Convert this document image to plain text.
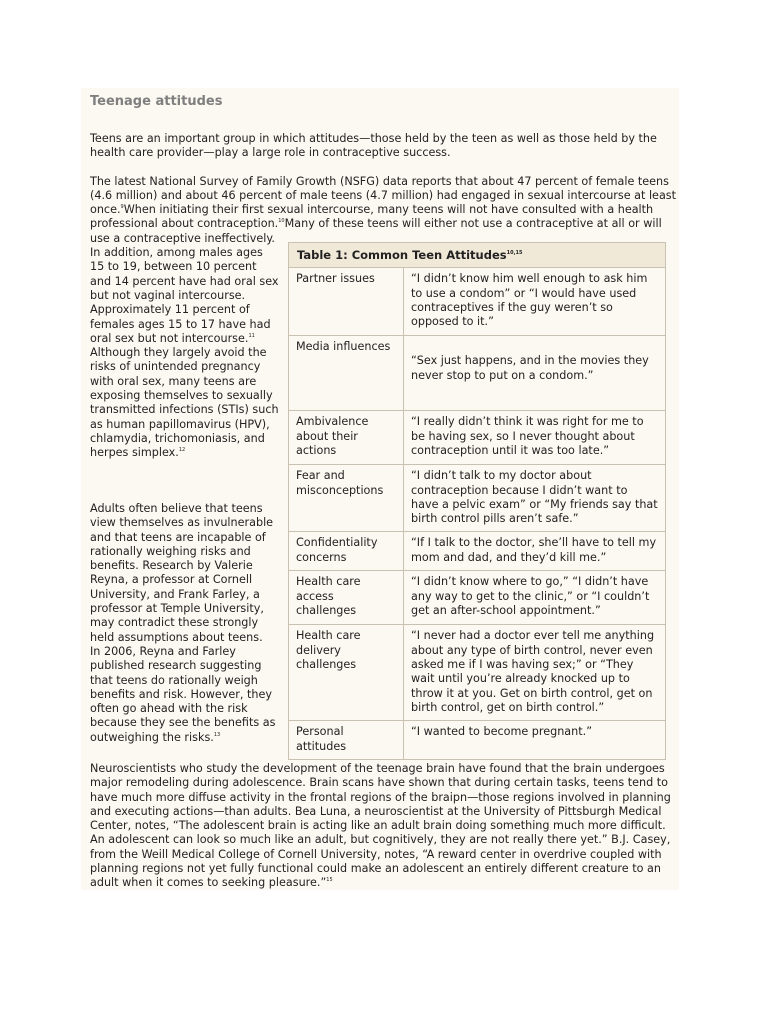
Teenage attitudes

Teens are an important group in which attitudes—those held by the teen as well as those held by the health care provider—play a large role in contraceptive success.

The latest National Survey of Family Growth (NSFG) data reports that about 47 percent of female teens (4.6 million) and about 46 percent of male teens (4.7 million) had engaged in sexual intercourse at least once.$^9$When initiating their first sexual intercourse, many teens will not have consulted with a health professional about contraception.$^{10}$Many of these teens will either not use a contraceptive at all or will use a contraceptive ineffectively. In addition, among males ages 15 to 19, between 10 percent and 14 percent have had oral sex but not vaginal intercourse. Approximately 11 percent of females ages 15 to 17 have had oral sex but not intercourse.$^{11}$ Although they largely avoid the risks of unintended pregnancy with oral sex, many teens are exposing themselves to sexually transmitted infections (STIs) such as human papillomavirus (HPV), chlamydia, trichomoniasis, and herpes simplex.$^{12}$

Table 1: Common Teen Attitudes$^{10,15}$
Partner issues	“I didn’t know him well enough to ask him to use a condom” or “I would have used contraceptives if the guy weren’t so opposed to it.”
Media influences	“Sex just happens, and in the movies they never stop to put on a condom.”
Ambivalence about their actions	“I really didn’t think it was right for me to be having sex, so I never thought about contraception until it was too late.”
Fear and misconceptions	“I didn’t talk to my doctor about contraception because I didn’t want to have a pelvic exam” or “My friends say that birth control pills aren’t safe.”
Confidentiality concerns	“If I talk to the doctor, she’ll have to tell my mom and dad, and they’d kill me.”
Health care access challenges	“I didn’t know where to go,” “I didn’t have any way to get to the clinic,” or “I couldn’t get an after-school appointment.”
Health care delivery challenges	“I never had a doctor ever tell me anything about any type of birth control, never even asked me if I was having sex;” or “They wait until you’re already knocked up to throw it at you. Get on birth control, get on birth control, get on birth control.”
Personal attitudes	“I wanted to become pregnant.”

Adults often believe that teens view themselves as invulnerable and that teens are incapable of rationally weighing risks and benefits. Research by Valerie Reyna, a professor at Cornell University, and Frank Farley, a professor at Temple University, may contradict these strongly held assumptions about teens. In 2006, Reyna and Farley published research suggesting that teens do rationally weigh benefits and risk. However, they often go ahead with the risk because they see the benefits as outweighing the risks.$^{13}$

Neuroscientists who study the development of the teenage brain have found that the brain undergoes major remodeling during adolescence. Brain scans have shown that during certain tasks, teens tend to have much more diffuse activity in the frontal regions of the braipn—those regions involved in planning and executing actions—than adults. Bea Luna, a neuroscientist at the University of Pittsburgh Medical Center, notes, “The adolescent brain is acting like an adult brain doing something much more difficult. An adolescent can look so much like an adult, but cognitively, they are not really there yet.” B.J. Casey, from the Weill Medical College of Cornell University, notes, “A reward center in overdrive coupled with planning regions not yet fully functional could make an adolescent an entirely different creature to an adult when it comes to seeking pleasure.”$^{15}$
